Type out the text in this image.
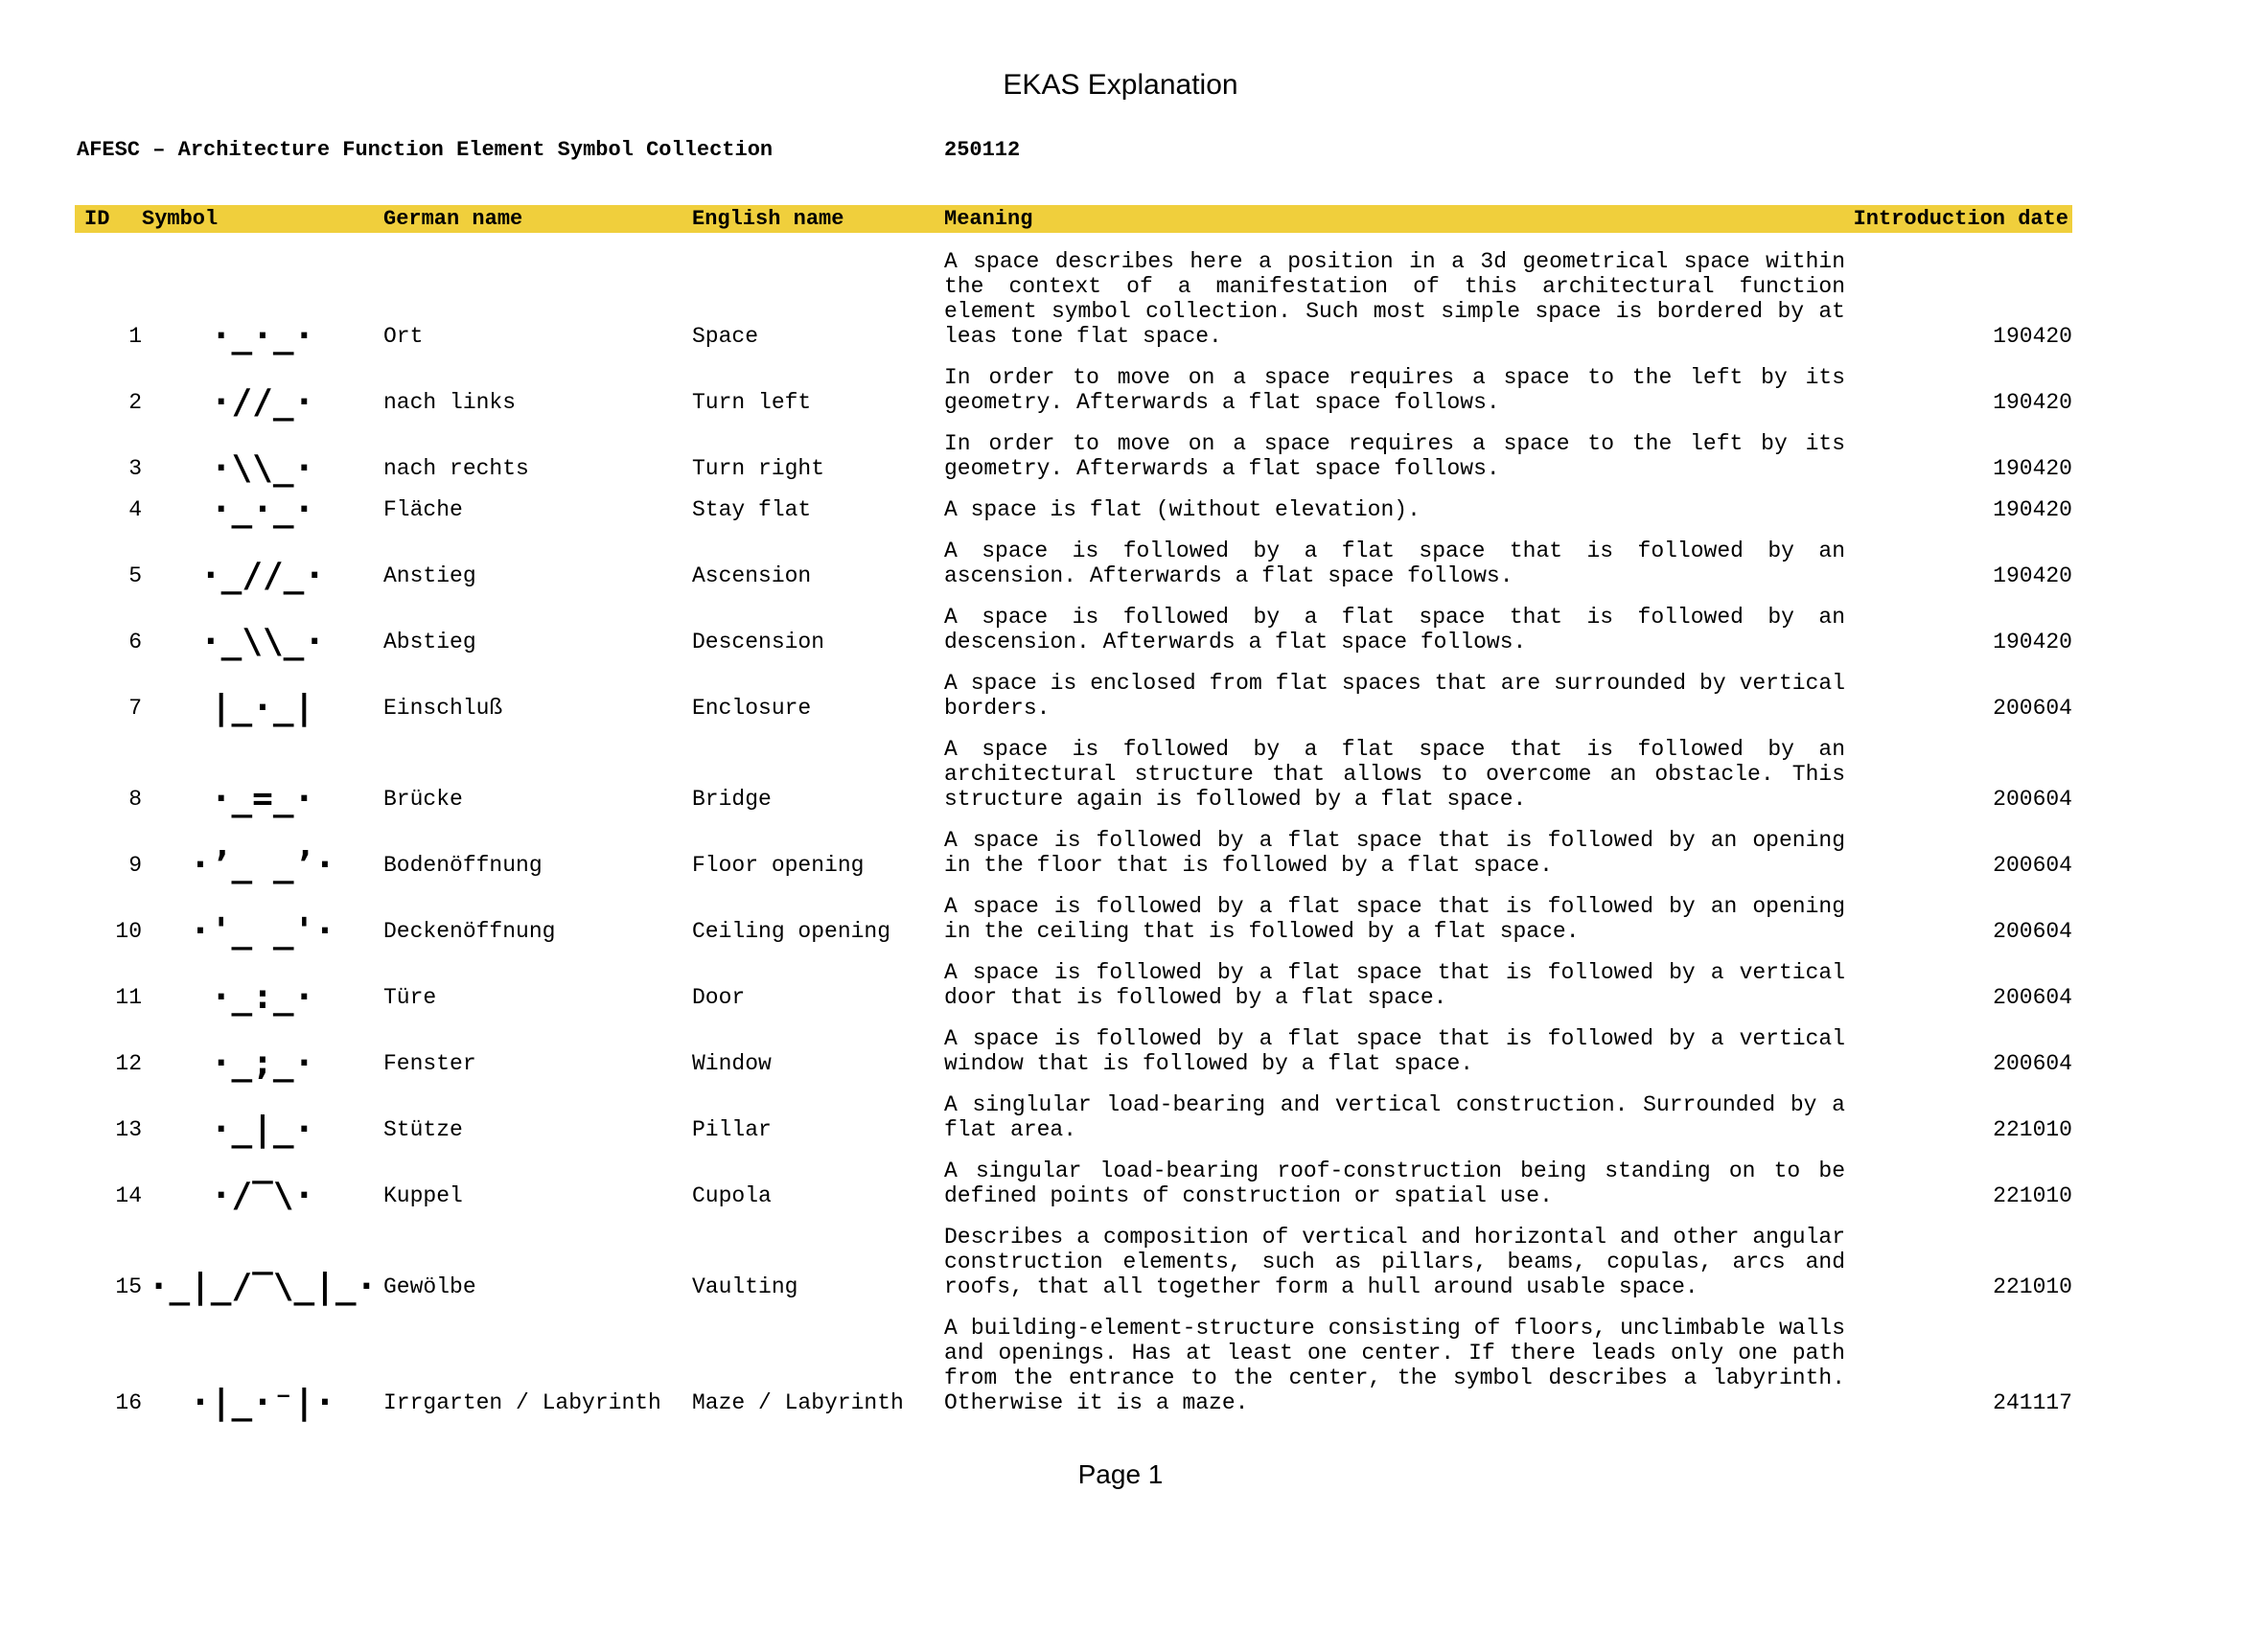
EKAS Explanation
AFESC – Architecture Function Element Symbol Collection	250112
ID	Symbol	German name	English name	Meaning	Introduction date
1	·_·_·	Ort	Space	A space describes here a position in a 3d geometrical space within the context of a manifestation of this architectural function element symbol collection. Such most simple space is bordered by at leas tone flat space.	190420
2	·//_·	nach links	Turn left	In order to move on a space requires a space to the left by its geometry. Afterwards a flat space follows.	190420
3	·\\_·	nach rechts	Turn right	In order to move on a space requires a space to the left by its geometry. Afterwards a flat space follows.	190420
4	·_·_·	Fläche	Stay flat	A space is flat (without elevation).	190420
5	·_//_·	Anstieg	Ascension	A space is followed by a flat space that is followed by an ascension. Afterwards a flat space follows.	190420
6	·_\\_·	Abstieg	Descension	A space is followed by a flat space that is followed by an descension. Afterwards a flat space follows.	190420
7	|_·_|	Einschluß	Enclosure	A space is enclosed from flat spaces that are surrounded by vertical borders.	200604
8	·_=_·	Brücke	Bridge	A space is followed by a flat space that is followed by an architectural structure that allows to overcome an obstacle. This structure again is followed by a flat space.	200604
9	·’_ _’·	Bodenöffnung	Floor opening	A space is followed by a flat space that is followed by an opening in the floor that is followed by a flat space.	200604
10	·'_ _'·	Deckenöffnung	Ceiling opening	A space is followed by a flat space that is followed by an opening in the ceiling that is followed by a flat space.	200604
11	·_:_·	Türe	Door	A space is followed by a flat space that is followed by a vertical door that is followed by a flat space.	200604
12	·_;_·	Fenster	Window	A space is followed by a flat space that is followed by a vertical window that is followed by a flat space.	200604
13	·_|_·	Stütze	Pillar	A singlular load-bearing and vertical construction. Surrounded by a flat area.	221010
14	·/‾\·	Kuppel	Cupola	A singular load-bearing roof-construction being standing on to be defined points of construction or spatial use.	221010
15	·_|_/‾\_|_·	Gewölbe	Vaulting	Describes a composition of vertical and horizontal and other angular construction elements, such as pillars, beams, copulas, arcs and roofs, that all together form a hull around usable space.	221010
16	·|_·⁻|·	Irrgarten / Labyrinth	Maze / Labyrinth	A building-element-structure consisting of floors, unclimbable walls and openings. Has at least one center. If there leads only one path from the entrance to the center, the symbol describes a labyrinth. Otherwise it is a maze.	241117
Page 1
